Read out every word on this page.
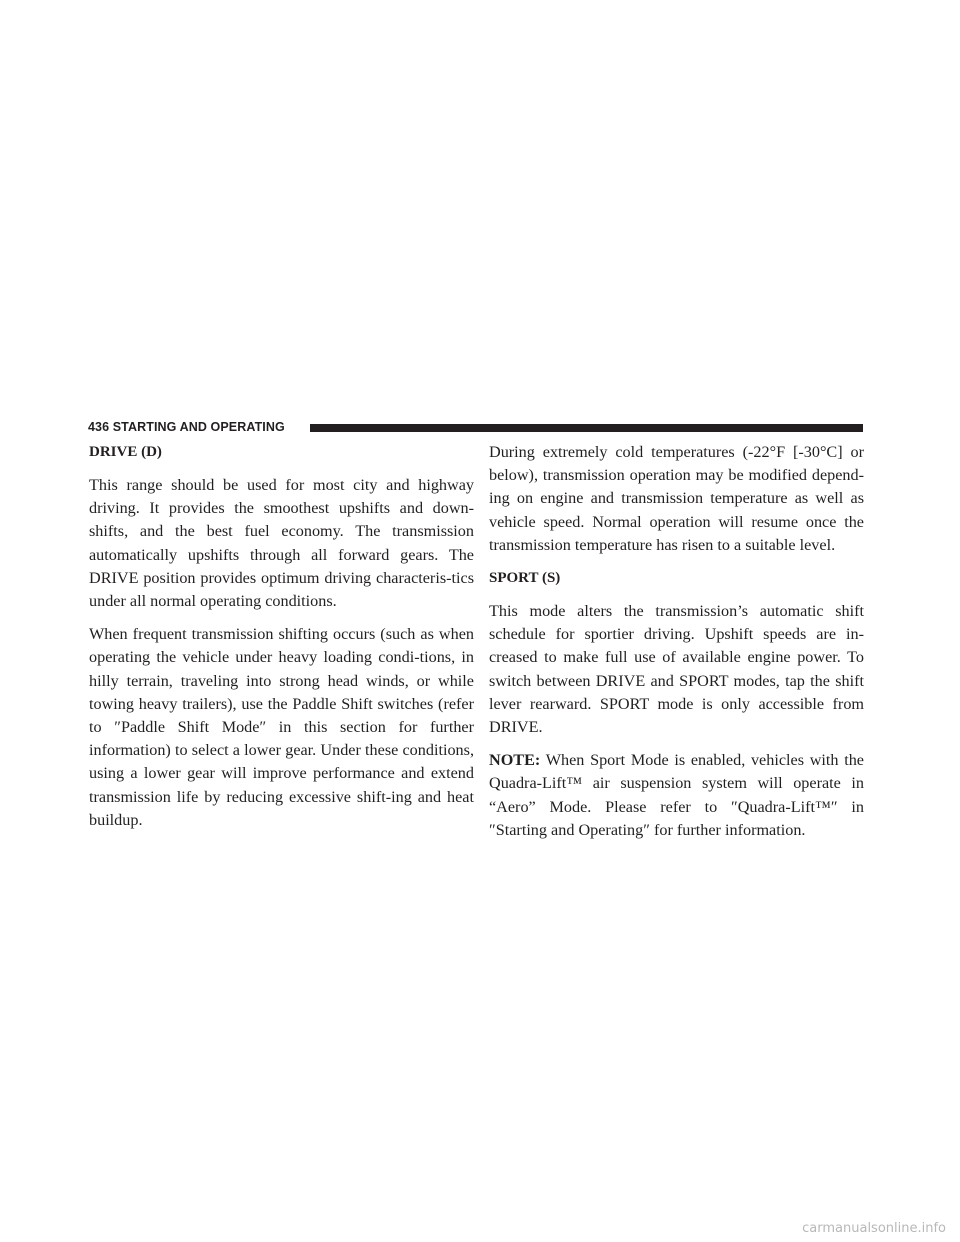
436 STARTING AND OPERATING
DRIVE (D)

This range should be used for most city and highway driving. It provides the smoothest upshifts and down-shifts, and the best fuel economy. The transmission automatically upshifts through all forward gears. The DRIVE position provides optimum driving characteris-tics under all normal operating conditions.

When frequent transmission shifting occurs (such as when operating the vehicle under heavy loading condi-tions, in hilly terrain, traveling into strong head winds, or while towing heavy trailers), use the Paddle Shift switches (refer to ″Paddle Shift Mode″ in this section for further information) to select a lower gear. Under these conditions, using a lower gear will improve performance and extend transmission life by reducing excessive shift-ing and heat buildup.

During extremely cold temperatures (-22°F [-30°C] or below), transmission operation may be modified depend-ing on engine and transmission temperature as well as vehicle speed. Normal operation will resume once the transmission temperature has risen to a suitable level.

SPORT (S)

This mode alters the transmission’s automatic shift schedule for sportier driving. Upshift speeds are in-creased to make full use of available engine power. To switch between DRIVE and SPORT modes, tap the shift lever rearward. SPORT mode is only accessible from DRIVE.

NOTE: When Sport Mode is enabled, vehicles with the Quadra-Lift™ air suspension system will operate in “Aero” Mode. Please refer to ″Quadra-Lift™″ in ″Starting and Operating″ for further information.

carmanualsonline.info
